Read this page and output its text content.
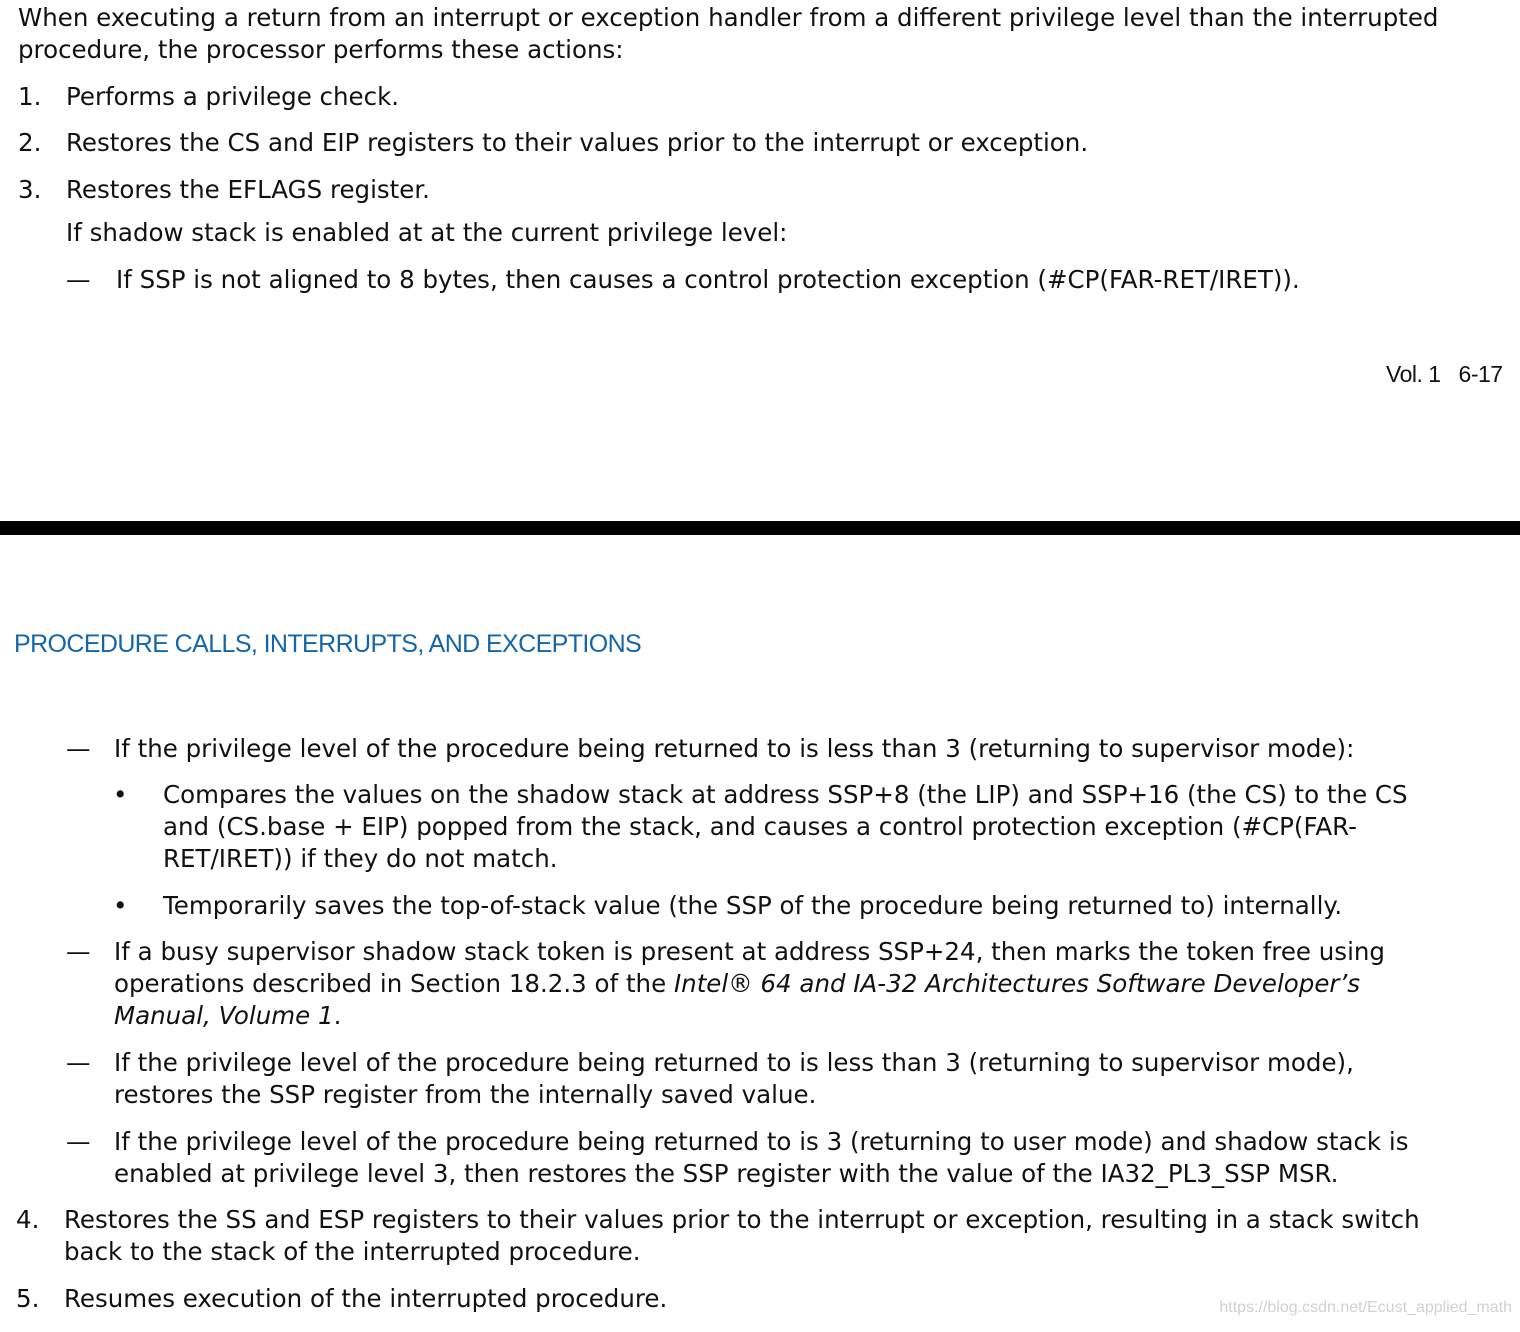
When executing a return from an interrupt or exception handler from a different privilege level than the interrupted
procedure, the processor performs these actions:
1. Performs a privilege check.
2. Restores the CS and EIP registers to their values prior to the interrupt or exception.
3. Restores the EFLAGS register.
If shadow stack is enabled at at the current privilege level:
— If SSP is not aligned to 8 bytes, then causes a control protection exception (#CP(FAR-RET/IRET)).
Vol. 1 6-17
PROCEDURE CALLS, INTERRUPTS, AND EXCEPTIONS
— If the privilege level of the procedure being returned to is less than 3 (returning to supervisor mode):
• Compares the values on the shadow stack at address SSP+8 (the LIP) and SSP+16 (the CS) to the CS
and (CS.base + EIP) popped from the stack, and causes a control protection exception (#CP(FAR-
RET/IRET)) if they do not match.
• Temporarily saves the top-of-stack value (the SSP of the procedure being returned to) internally.
— If a busy supervisor shadow stack token is present at address SSP+24, then marks the token free using
operations described in Section 18.2.3 of the Intel® 64 and IA-32 Architectures Software Developer’s
Manual, Volume 1.
— If the privilege level of the procedure being returned to is less than 3 (returning to supervisor mode),
restores the SSP register from the internally saved value.
— If the privilege level of the procedure being returned to is 3 (returning to user mode) and shadow stack is
enabled at privilege level 3, then restores the SSP register with the value of the IA32_PL3_SSP MSR.
4. Restores the SS and ESP registers to their values prior to the interrupt or exception, resulting in a stack switch
back to the stack of the interrupted procedure.
5. Resumes execution of the interrupted procedure.	https://blog.csdn.net/Ecust_applied_math
